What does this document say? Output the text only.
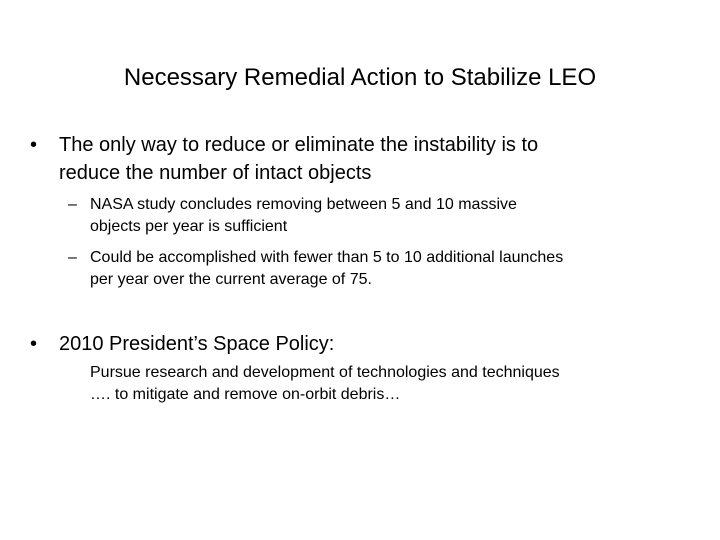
Necessary Remedial Action to Stabilize LEO
•	The only way to reduce or eliminate the instability is to
reduce the number of intact objects
– NASA study concludes removing between 5 and 10 massive
objects per year is sufficient
– Could be accomplished with fewer than 5 to 10 additional launches
per year over the current average of 75.
•	2010 President’s Space Policy:
Pursue research and development of technologies and techniques
…. to mitigate and remove on-orbit debris…
